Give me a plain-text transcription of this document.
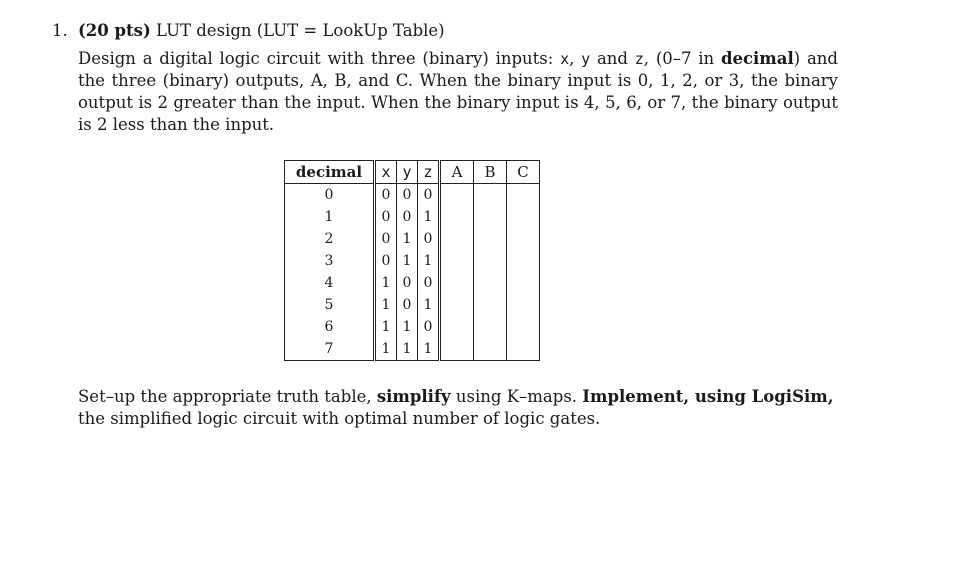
1. (20 pts) LUT design (LUT = LookUp Table)
Design a digital logic circuit with three (binary) inputs: x, y and z, (0–7 in decimal) and the three (binary) outputs, A, B, and C. When the binary input is 0, 1, 2, or 3, the binary output is 2 greater than the input. When the binary input is 4, 5, 6, or 7, the binary output is 2 less than the input.
decimal	x	y	z	A	B	C
0	0	0	0			
1	0	0	1			
2	0	1	0			
3	0	1	1			
4	1	0	0			
5	1	0	1			
6	1	1	0			
7	1	1	1			
Set–up the appropriate truth table, simplify using K–maps. Implement, using LogiSim, the simplified logic circuit with optimal number of logic gates.
